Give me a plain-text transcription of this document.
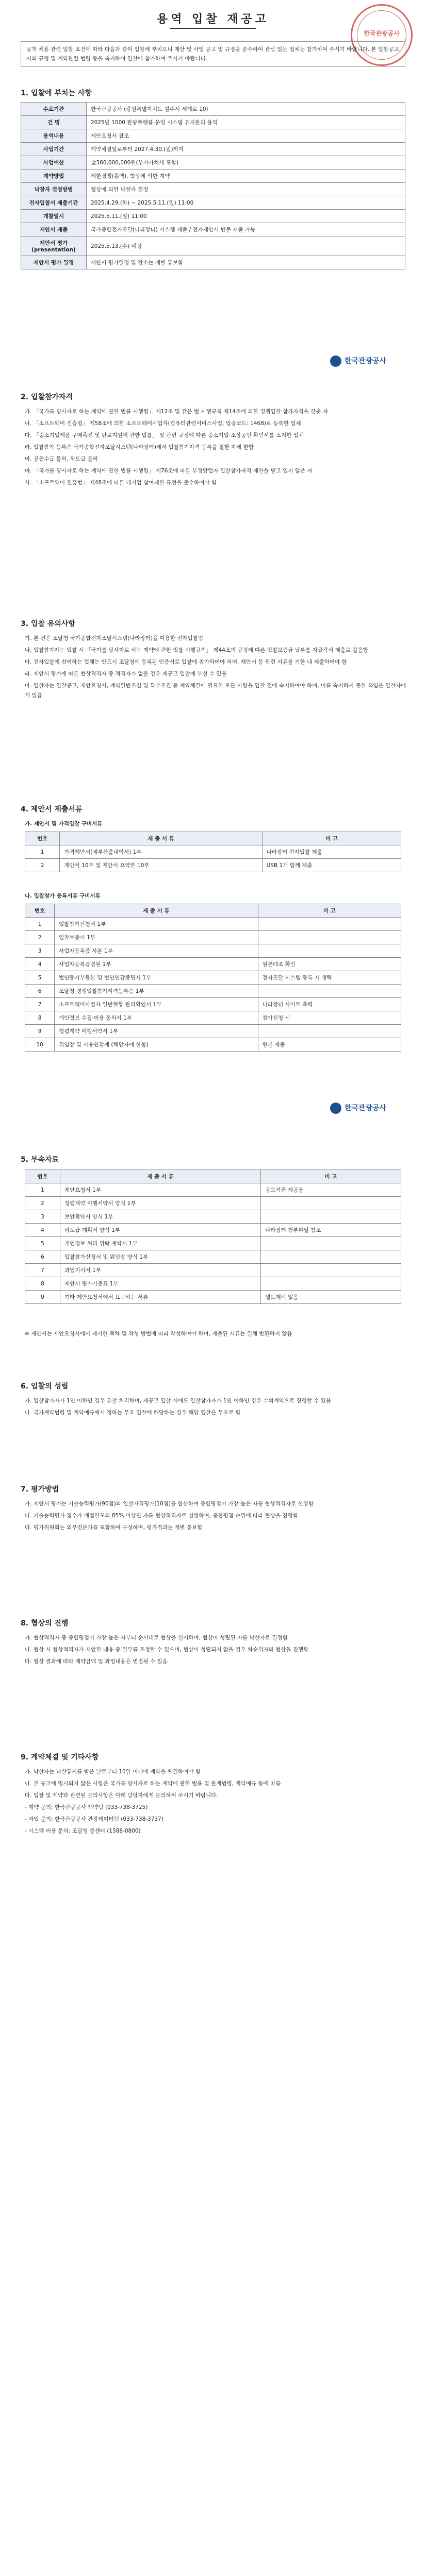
용역 입찰 재공고
한국관광공사
공개 채용 관련 입찰 조건에 따라 다음과 같이 입찰에 부치오니 제안 및 사업 공고 및 규정을 준수하여 관심 있는 업체는 참가하여 주시기 바랍니다. 본 입찰공고서의 규정 및 계약관련 법령 등을 숙지하여 입찰에 참가하여 주시기 바랍니다.
1. 입찰에 부치는 사항
수요기관	한국관광공사 (강원특별자치도 원주시 세계로 10)
건 명	2025년 1000 관광플랫폼 운영 시스템 유지관리 용역
용역내용	제안요청서 참조
사업기간	계약체결일로부터 2027.4.30.(월)까지
사업예산	金360,000,000원(부가가치세 포함)
계약방법	제한경쟁(총액), 협상에 의한 계약
낙찰자 결정방법	협상에 의한 낙찰자 결정
전자입찰서 제출기간	2025.4.29.(화) ~ 2025.5.11.(일) 11:00
개찰일시	2025.5.11.(일) 11:00
제안서 제출	국가종합전자조달(나라장터) 시스템 제출 / 전자제안서 방문 제출 가능
제안서 평가 (presentation)	2025.5.13.(수) 예정
제안서 평가 일정	제안서 평가일정 및 장소는 개별 통보함
한국관광공사
2. 입찰참가자격

가. 「국가를 당사자로 하는 계약에 관한 법률 시행령」 제12조 및 같은 법 시행규칙 제14조에 의한 경쟁입찰 참가자격을 갖춘 자

나. 「소프트웨어 진흥법」 제58조에 의한 소프트웨어사업자(컴퓨터관련서비스사업, 업종코드: 1468)로 등록한 업체

다. 「중소기업제품 구매촉진 및 판로지원에 관한 법률」 및 관련 규정에 따른 중소기업·소상공인 확인서를 소지한 업체

라. 입찰참가 등록은 국가종합전자조달시스템(나라장터)에서 입찰참가자격 등록을 필한 자에 한함

마. 공동수급 불허, 하도급 불허

바. 「국가를 당사자로 하는 계약에 관한 법률 시행령」 제76조에 따른 부정당업자 입찰참가자격 제한을 받고 있지 않은 자

사. 「소프트웨어 진흥법」 제48조에 따른 대기업 참여제한 규정을 준수하여야 함

3. 입찰 유의사항

가. 본 건은 조달청 국가종합전자조달시스템(나라장터)을 이용한 전자입찰임

나. 입찰참가자는 입찰 시 「국가를 당사자로 하는 계약에 관한 법률 시행규칙」 제44조의 규정에 따른 입찰보증금 납부를 지급각서 제출로 갈음함

다. 전자입찰에 참여하는 업체는 반드시 조달청에 등록된 인증서로 입찰에 참가하여야 하며, 제안서 등 관련 서류를 기한 내 제출하여야 함

라. 제안서 평가에 따른 협상적격자 중 적격자가 없을 경우 재공고 입찰에 부칠 수 있음

마. 입찰자는 입찰공고, 제안요청서, 계약일반조건 및 특수조건 등 계약체결에 필요한 모든 사항을 입찰 전에 숙지하여야 하며, 이를 숙지하지 못한 책임은 입찰자에게 있음

4. 제안서 제출서류
가. 제안서 및 가격입찰 구비서류
번호	제 출 서 류	비 고
1	가격제안서(세부산출내역서) 1부	나라장터 전자입찰 제출
2	제안서 10부 및 제안서 요약본 10부	USB 1개 함께 제출
나. 입찰참가 등록서류 구비서류
번호	제 출 서 류	비 고
1	입찰참가신청서 1부	
2	입찰보증서 1부	
3	사업자등록증 사본 1부	
4	사업자등록증명원 1부	원본대조 확인
5	법인등기부등본 및 법인인감증명서 1부	전자조달 시스템 등록 시 생략
6	조달청 경쟁입찰참가자격등록증 1부	
7	소프트웨어사업자 일반현황 관리확인서 1부	나라장터 사이트 출력
8	개인정보 수집·이용 동의서 1부	참가신청 시
9	청렴계약 이행서약서 1부	
10	위임장 및 사용인감계 (해당자에 한함)	원본 제출
한국관광공사
5. 부속자료
번호	제 출 서 류	비 고
1	제안요청서 1부	공모기관 제공용
2	청렴계약 이행서약서 양식 1부	
3	보안확약서 양식 1부	
4	하도급 계획서 양식 1부	나라장터 첨부파일 참조
5	개인정보 처리 위탁 계약서 1부	
6	입찰참가신청서 및 위임장 양식 1부	
7	과업지시서 1부	
8	제안서 평가기준표 1부	
9	기타 제안요청서에서 요구하는 서류	별도제시 없음
※ 제안서는 제안요청서에서 제시한 목차 및 작성 방법에 따라 작성하여야 하며, 제출된 서류는 일체 반환하지 않음
6. 입찰의 성립

가. 입찰참가자가 1인 이하인 경우 유찰 처리하며, 재공고 입찰 시에도 입찰참가자가 1인 이하인 경우 수의계약으로 진행할 수 있음

나. 국가계약법령 및 계약예규에서 정하는 무효 입찰에 해당하는 경우 해당 입찰은 무효로 함

7. 평가방법

가. 제안서 평가는 기술능력평가(90점)와 입찰가격평가(10점)를 합산하여 종합평점이 가장 높은 자를 협상적격자로 선정함

나. 기술능력평가 점수가 배점한도의 85% 이상인 자를 협상적격자로 선정하며, 종합평점 순위에 따라 협상을 진행함

다. 평가위원회는 외부전문가를 포함하여 구성하며, 평가결과는 개별 통보함

8. 협상의 진행

가. 협상적격자 중 종합평점이 가장 높은 자부터 순서대로 협상을 실시하며, 협상이 성립된 자를 낙찰자로 결정함

나. 협상 시 협상적격자가 제안한 내용 중 일부를 조정할 수 있으며, 협상이 성립되지 않을 경우 차순위자와 협상을 진행함

다. 협상 결과에 따라 계약금액 및 과업내용은 변경될 수 있음

9. 계약체결 및 기타사항

가. 낙찰자는 낙찰통지를 받은 날로부터 10일 이내에 계약을 체결하여야 함

나. 본 공고에 명시되지 않은 사항은 국가를 당사자로 하는 계약에 관한 법률 및 관계법령, 계약예규 등에 따름

다. 입찰 및 계약과 관련된 문의사항은 아래 담당자에게 문의하여 주시기 바랍니다.

- 계약 문의: 한국관광공사 계약팀 (033-738-3725)

- 과업 문의: 한국관광공사 관광데이터팀 (033-738-3737)

- 시스템 이용 문의: 조달청 콜센터 (1588-0800)
